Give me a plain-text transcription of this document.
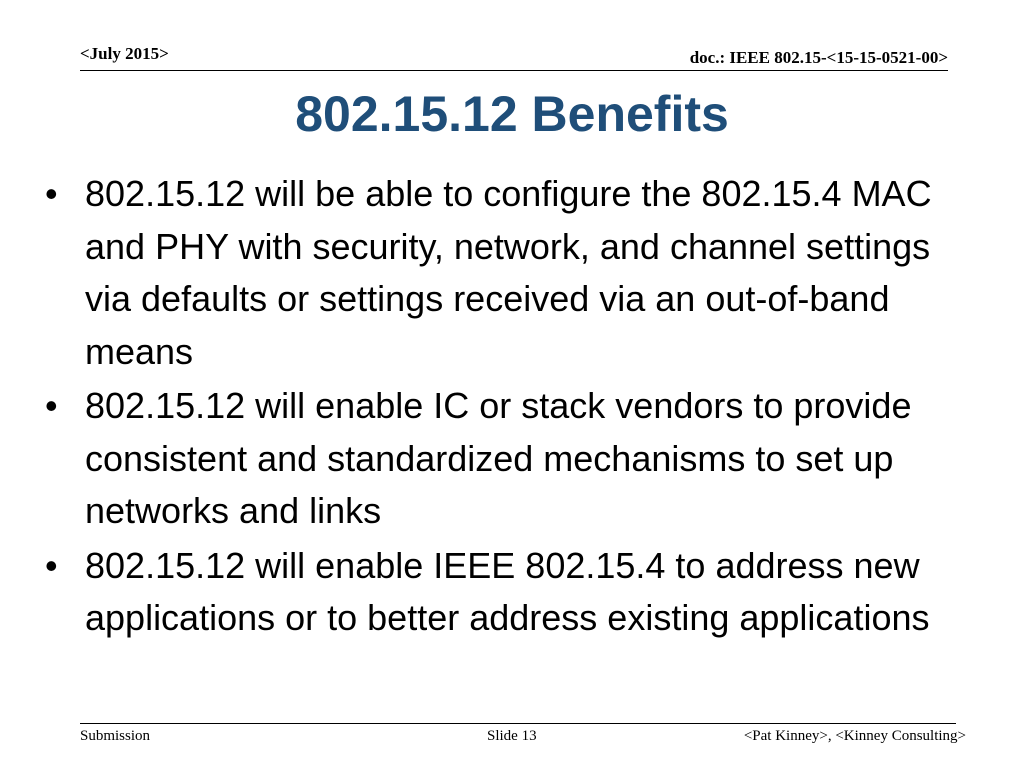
<July 2015>	doc.: IEEE 802.15-<15-15-0521-00>
802.15.12 Benefits
• 802.15.12 will be able to configure the 802.15.4 MAC and PHY with security, network, and channel settings via defaults or settings received via an out-of-band means
• 802.15.12 will enable IC or stack vendors to provide consistent and standardized mechanisms to set up networks and links
• 802.15.12 will enable IEEE 802.15.4 to address new applications or to better address existing applications
Submission	Slide 13	<Pat Kinney>, <Kinney Consulting>
